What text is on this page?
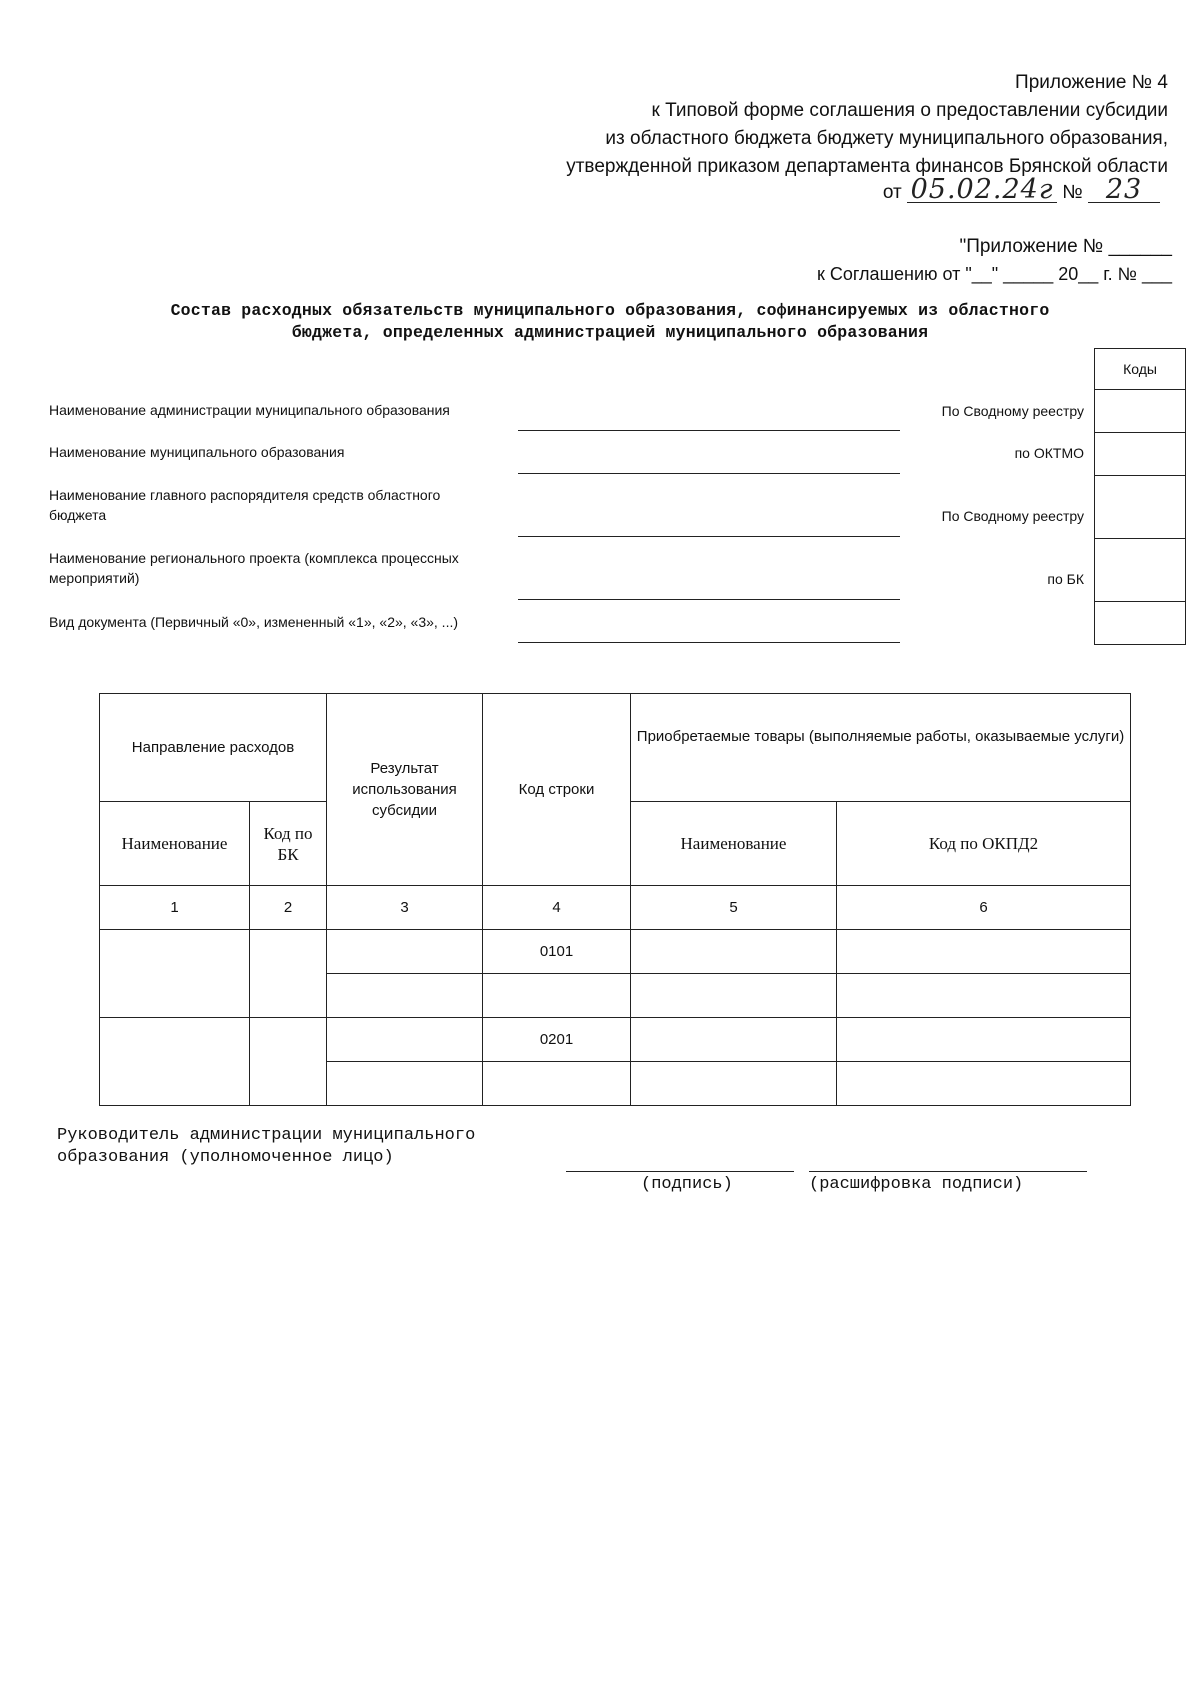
Приложение № 4
к Типовой форме соглашения о предоставлении субсидии
из областного бюджета бюджету муниципального образования,
утвержденной приказом департамента финансов Брянской области
от 05.02.24г № 23
"Приложение № ______
к Соглашению от "__" _____ 20__ г. № ___
Состав расходных обязательств муниципального образования, софинансируемых из областного
бюджета, определенных администрацией муниципального образования
Наименование администрации муниципального образования	По Сводному реестру
Наименование муниципального образования	по ОКТМО
Наименование главного распорядителя средств областного бюджета	По Сводному реестру
Наименование регионального проекта (комплекса процессных мероприятий)	по БК
Вид документа (Первичный «0», измененный «1», «2», «3», ...)
Коды

Направление расходов		Результат использования субсидии	Код строки	Приобретаемые товары (выполняемые работы, оказываемые услуги)	
Наименование	Код по БК			Наименование	Код по ОКПД2
1	2	3	4	5	6
			0101		

			0201		

Руководитель администрации муниципального
образования (уполномоченное лицо)
(подпись)	(расшифровка подписи)
